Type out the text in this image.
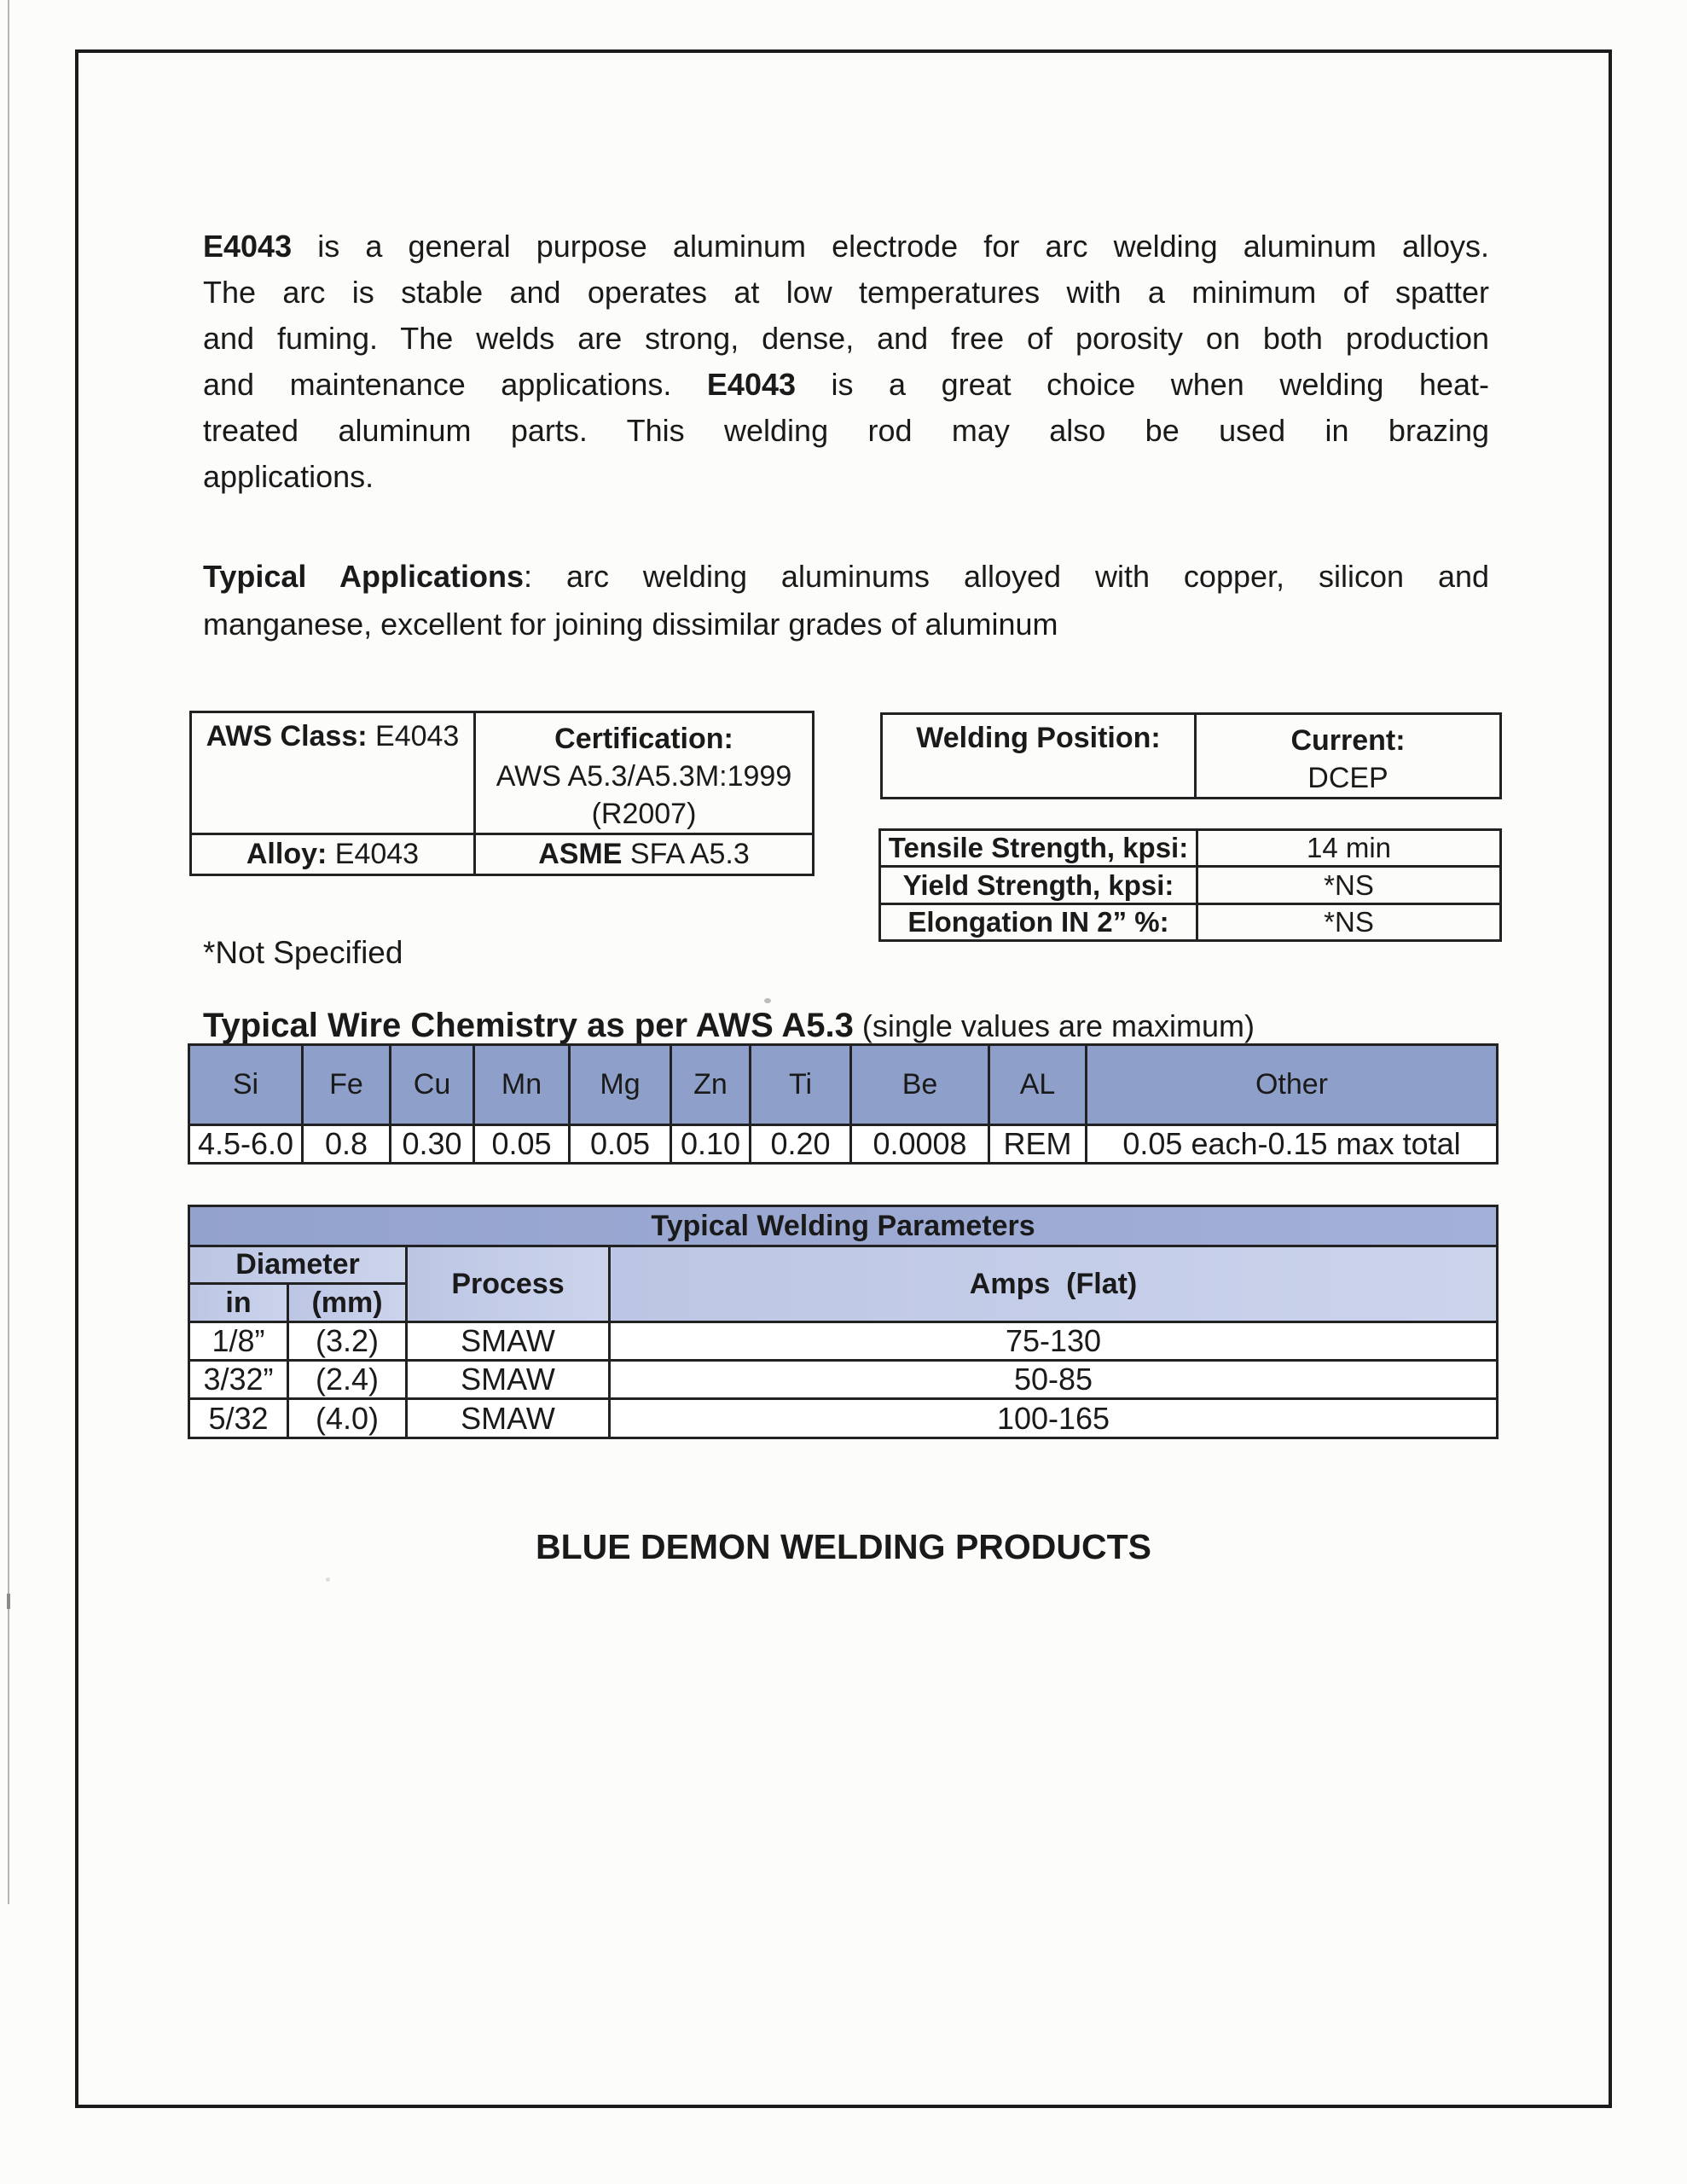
E4043 is a general purpose aluminum electrode for arc welding aluminum alloys.
The arc is stable and operates at low temperatures with a minimum of spatter
and fuming. The welds are strong, dense, and free of porosity on both production
and maintenance applications. E4043 is a great choice when welding heat-
treated aluminum parts. This welding rod may also be used in brazing
applications.
Typical Applications: arc welding aluminums alloyed with copper, silicon and
manganese, excellent for joining dissimilar grades of aluminum
AWS Class: E4043	Certification:
AWS A5.3/A5.3M:1999
(R2007)

Alloy: E4043	ASME SFA A5.3
Welding Position:	Current:
DCEP
Tensile Strength, kpsi:	14 min
Yield Strength, kpsi:	*NS
Elongation IN 2” %:	*NS
*Not Specified
Typical Wire Chemistry as per AWS A5.3 (single values are maximum)
Si	Fe	Cu	Mn	Mg	Zn	Ti	Be	AL	Other
4.5-6.0	0.8	0.30	0.05	0.05	0.10	0.20	0.0008	REM	0.05 each-0.15 max total
Typical Welding Parameters			
Diameter		Process	Amps  (Flat)
in	(mm)		
1/8”	(3.2)	SMAW	75-130
3/32”	(2.4)	SMAW	50-85
5/32	(4.0)	SMAW	100-165
BLUE DEMON WELDING PRODUCTS
